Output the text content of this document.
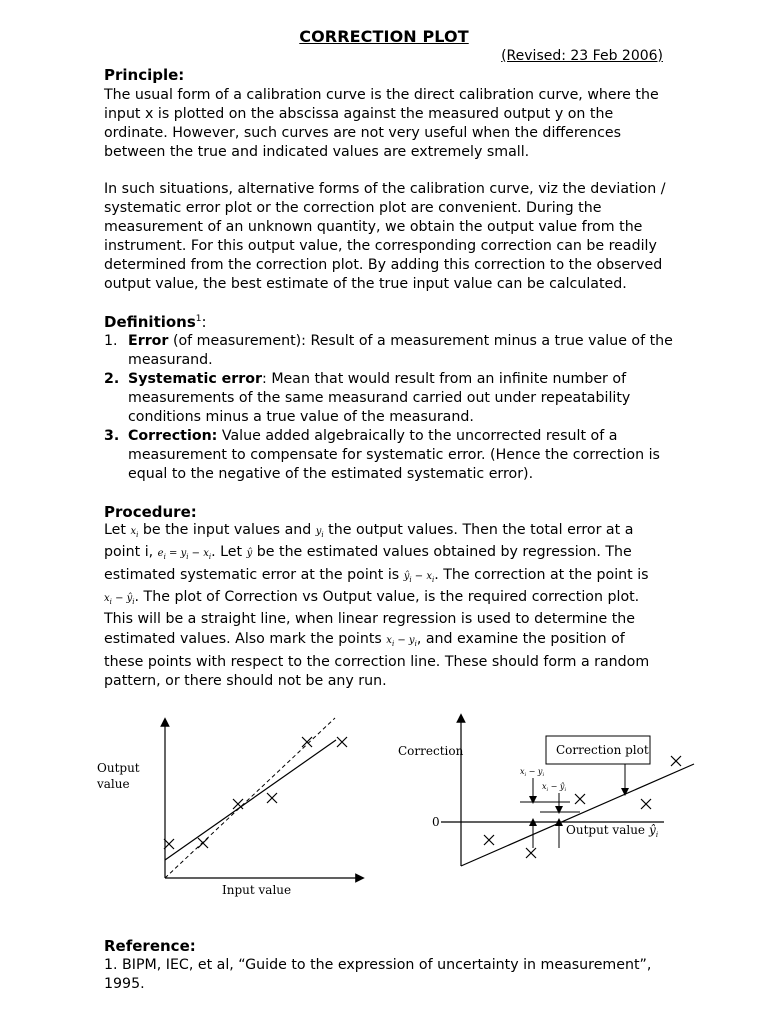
CORRECTION PLOT
(Revised: 23 Feb 2006)
Principle:
The usual form of a calibration curve is the direct calibration curve, where the input x is plotted on the abscissa against the measured output y on the ordinate. However, such curves are not very useful when the differences between the true and indicated values are extremely small.
In such situations, alternative forms of the calibration curve, viz the deviation / systematic error plot or the correction plot are convenient. During the measurement of an unknown quantity, we obtain the output value from the instrument. For this output value, the corresponding correction can be readily determined from the correction plot. By adding this correction to the observed output value, the best estimate of the true input value can be calculated.
Definitions$^1$:
1. Error (of measurement): Result of a measurement minus a true value of the measurand.
2. Systematic error: Mean that would result from an infinite number of measurements of the same measurand carried out under repeatability conditions minus a true value of the measurand.
3. Correction: Value added algebraically to the uncorrected result of a measurement to compensate for systematic error. (Hence the correction is equal to the negative of the estimated systematic error).
Procedure:
Let $x_i$ be the input values and $y_i$ the output values. Then the total error at a
point i, $e_i = y_i - x_i$. Let ŷ be the estimated values obtained by regression. The
estimated systematic error at the point is $ŷ_i - x_i$. The correction at the point is
$x_i$ − $ŷ_i$. The plot of Correction vs Output value, is the required correction plot.
This will be a straight line, when linear regression is used to determine the
estimated values. Also mark the points $x_i - y_i$, and examine the position of
these points with respect to the correction line. These should form a random
pattern, or there should not be any run.
Output
value
Input value
Correction
0
Correction plot
$x_i - y_i$
$x_i$ − $ŷ_i$
Output value $ŷ_i$
Reference:
1. BIPM, IEC, et al, “Guide to the expression of uncertainty in measurement”, 1995.
